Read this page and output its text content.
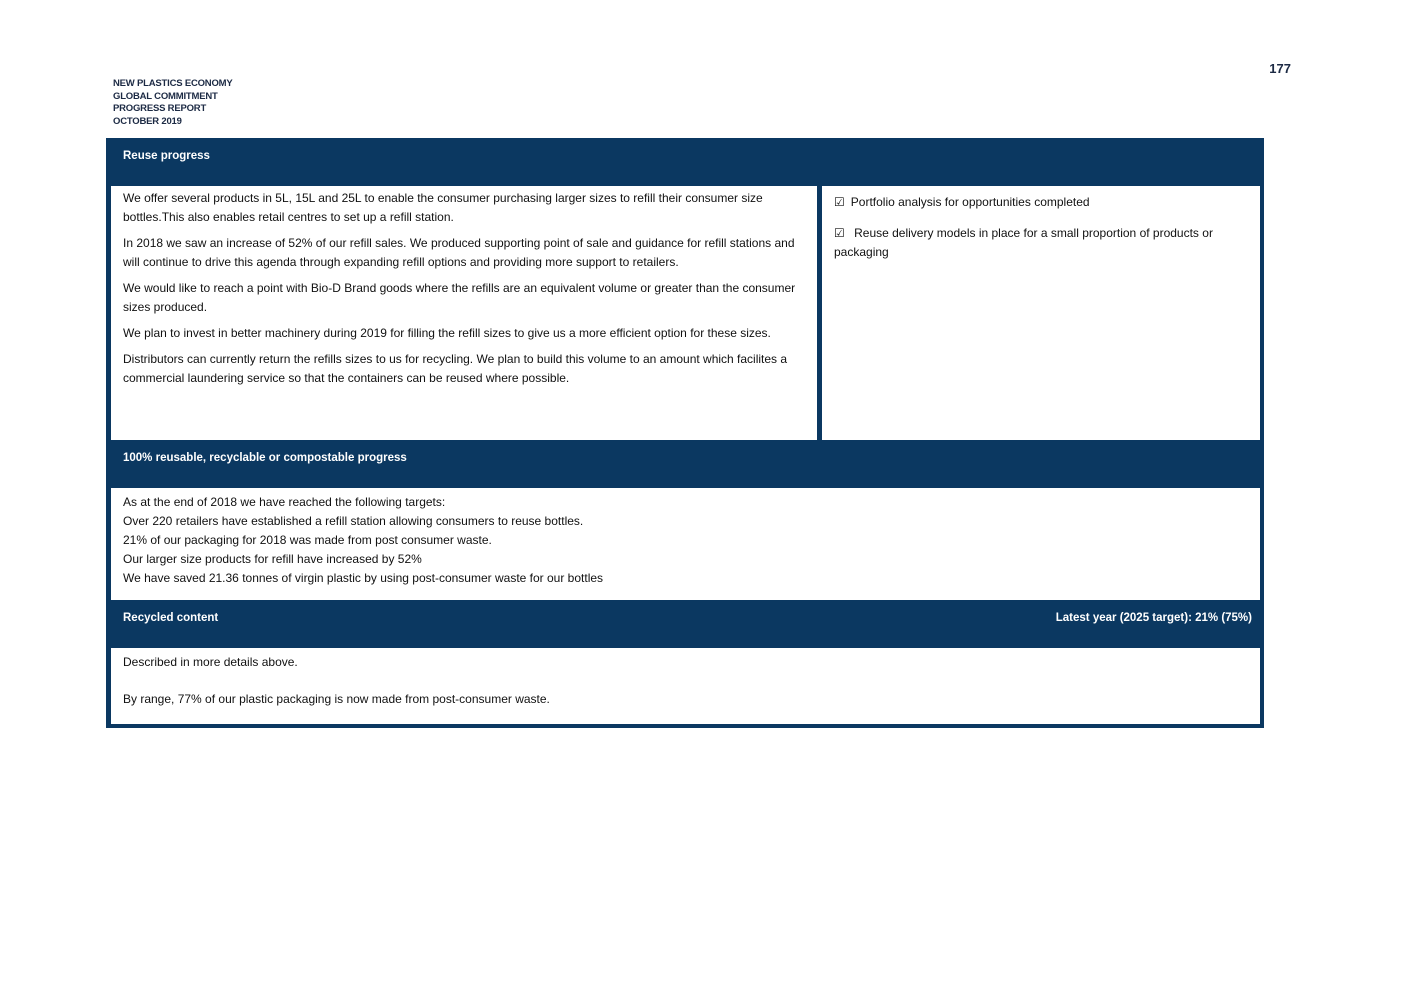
177
NEW PLASTICS ECONOMY
GLOBAL COMMITMENT
PROGRESS REPORT
OCTOBER 2019
Reuse progress

We offer several products in 5L, 15L and 25L to enable the consumer purchasing larger sizes to refill their consumer size bottles.This also enables retail centres to set up a refill station.

In 2018 we saw an increase of 52% of our refill sales. We produced supporting point of sale and guidance for refill stations and will continue to drive this agenda through expanding refill options and providing more support to retailers.

We would like to reach a point with Bio-D Brand goods where the refills are an equivalent volume or greater than the consumer sizes produced.

We plan to invest in better machinery during 2019 for filling the refill sizes to give us a more efficient option for these sizes.

Distributors can currently return the refills sizes to us for recycling. We plan to build this volume to an amount which facilites a commercial laundering service so that the containers can be reused where possible.

☑ Portfolio analysis for opportunities completed
☑ Reuse delivery models in place for a small proportion of products or packaging
100% reusable, recyclable or compostable progress
As at the end of 2018 we have reached the following targets:
Over 220 retailers have established a refill station allowing consumers to reuse bottles.
21% of our packaging for 2018 was made from post consumer waste.
Our larger size products for refill have increased by 52%
We have saved 21.36 tonnes of virgin plastic by using post-consumer waste for our bottles
Recycled content	Latest year (2025 target): 21% (75%)
Described in more details above.
By range, 77% of our plastic packaging is now made from post-consumer waste.
